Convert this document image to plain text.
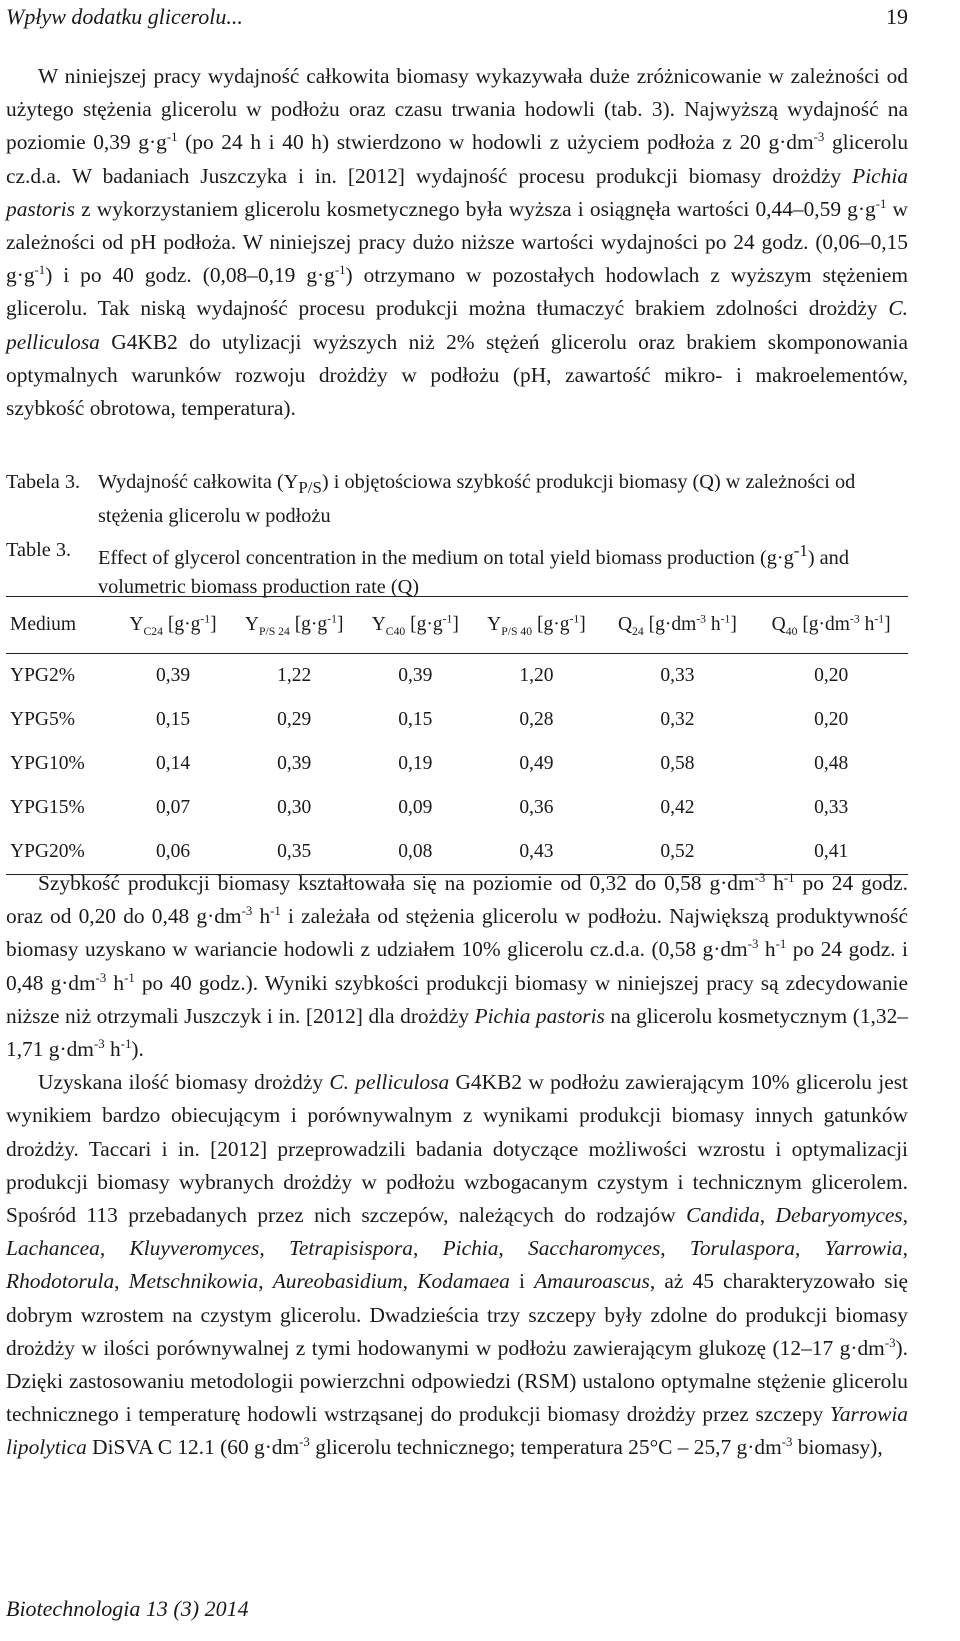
Wpływ dodatku glicerolu...	19

W niniejszej pracy wydajność całkowita biomasy wykazywała duże zróżnicowanie w zależności od użytego stężenia glicerolu w podłożu oraz czasu trwania hodowli (tab. 3). Najwyższą wydajność na poziomie 0,39 $g\cdot g^{-1}$ (po 24 h i 40 h) stwierdzono w hodowli z użyciem podłoża z 20 $g\cdot dm^{-3}$ glicerolu cz.d.a. W badaniach Juszczyka i in. [2012] wydajność procesu produkcji biomasy drożdży Pichia pastoris z wykorzystaniem glicerolu kosmetycznego była wyższa i osiągnęła wartości 0,44–0,59 $g\cdot g^{-1}$ w zależności od pH podłoża. W niniejszej pracy dużo niższe wartości wydajności po 24 godz. (0,06–0,15 $g\cdot g^{-1}$) i po 40 godz. (0,08–0,19 $g\cdot g^{-1}$) otrzymano w pozostałych hodowlach z wyższym stężeniem glicerolu. Tak niską wydajność procesu produkcji można tłumaczyć brakiem zdolności drożdży C. pelliculosa G4KB2 do utylizacji wyższych niż 2% stężeń glicerolu oraz brakiem skomponowania optymalnych warunków rozwoju drożdży w podłożu (pH, zawartość mikro- i makroelementów, szybkość obrotowa, temperatura).

Tabela 3. Wydajność całkowita $(Y_{P/S})$ i objętościowa szybkość produkcji biomasy (Q) w zależności od stężenia glicerolu w podłożu
Table 3.	Effect of glycerol concentration in the medium on total yield biomass production $(g\cdot g^{-1})$ and volumetric biomass production rate (Q)
Medium	$Y_{C24}$ $[g\cdot g^{-1}]$	$Y_{P/S 24}$ $[g\cdot g^{-1}]$	$Y_{C40}$ $[g\cdot g^{-1}]$	$Y_{P/S 40}$ $[g\cdot g^{-1}]$	$Q_{24}$ [$g\cdot dm^{-3}$ $h^{-1}$]	$Q_{40}$ [$g\cdot dm^{-3}$ $h^{-1}$]
YPG2%	0,39	1,22	0,39	1,20	0,33	0,20
YPG5%	0,15	0,29	0,15	0,28	0,32	0,20
YPG10%	0,14	0,39	0,19	0,49	0,58	0,48
YPG15%	0,07	0,30	0,09	0,36	0,42	0,33
YPG20%	0,06	0,35	0,08	0,43	0,52	0,41

Szybkość produkcji biomasy kształtowała się na poziomie od 0,32 do 0,58 $g\cdot dm^{-3}$ $h^{-1}$ po 24 godz. oraz od 0,20 do 0,48 $g\cdot dm^{-3}$ $h^{-1}$ i zależała od stężenia glicerolu w podłożu. Największą produktywność biomasy uzyskano w wariancie hodowli z udziałem 10% glicerolu cz.d.a. (0,58 $g\cdot dm^{-3}$ $h^{-1}$ po 24 godz. i 0,48 $g\cdot dm^{-3}$ $h^{-1}$ po 40 godz.). Wyniki szybkości produkcji biomasy w niniejszej pracy są zdecydowanie niższe niż otrzymali Juszczyk i in. [2012] dla drożdży Pichia pastoris na glicerolu kosmetycznym (1,32–1,71 $g\cdot dm^{-3}$ $h^{-1}$).

Uzyskana ilość biomasy drożdży C. pelliculosa G4KB2 w podłożu zawierającym 10% glicerolu jest wynikiem bardzo obiecującym i porównywalnym z wynikami produkcji biomasy innych gatunków drożdży. Taccari i in. [2012] przeprowadzili badania dotyczące możliwości wzrostu i optymalizacji produkcji biomasy wybranych drożdży w podłożu wzbogacanym czystym i technicznym glicerolem. Spośród 113 przebadanych przez nich szczepów, należących do rodzajów Candida, Debaryomyces, Lachancea, Kluyveromyces, Tetrapisispora, Pichia, Saccharomyces, Torulaspora, Yarrowia, Rhodotorula, Metschnikowia, Aureobasidium, Kodamaea i Amauroascus, aż 45 charakteryzowało się dobrym wzrostem na czystym glicerolu. Dwadzieścia trzy szczepy były zdolne do produkcji biomasy drożdży w ilości porównywalnej z tymi hodowanymi w podłożu zawierającym glukozę (12–17 $g\cdot dm^{-3}$). Dzięki zastosowaniu metodologii powierzchni odpowiedzi (RSM) ustalono optymalne stężenie glicerolu technicznego i temperaturę hodowli wstrząsanej do produkcji biomasy drożdży przez szczepy Yarrowia lipolytica DiSVA C 12.1 (60 $g\cdot dm^{-3}$ glicerolu technicznego; temperatura 25°C – 25,7 $g\cdot dm^{-3}$ biomasy),

Biotechnologia 13 (3) 2014
